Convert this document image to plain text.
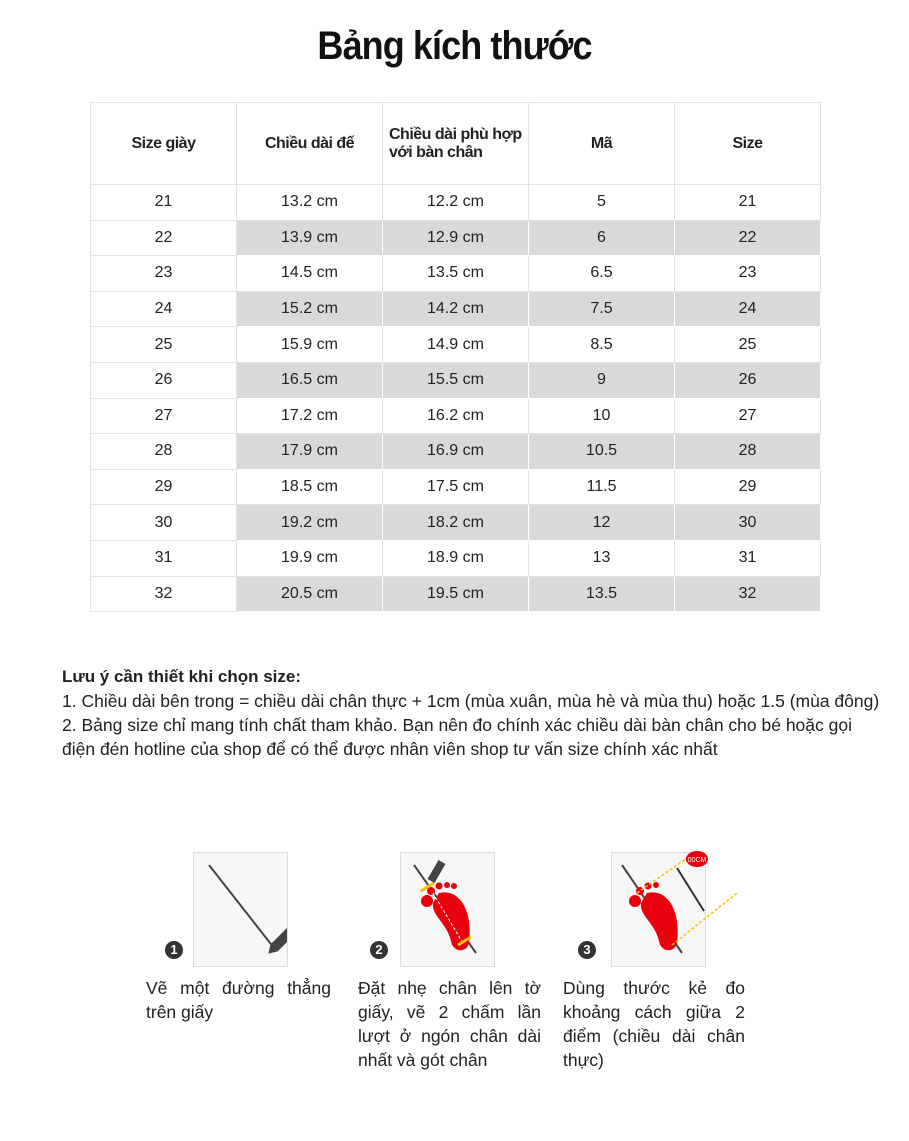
Bảng kích thước
Size giày	Chiều dài đế	Chiều dài phù hợp với bàn chân	Mã	Size
21	13.2 cm	12.2 cm	5	21
22	13.9 cm	12.9 cm	6	22
23	14.5 cm	13.5 cm	6.5	23
24	15.2 cm	14.2 cm	7.5	24
25	15.9 cm	14.9 cm	8.5	25
26	16.5 cm	15.5 cm	9	26
27	17.2 cm	16.2 cm	10	27
28	17.9 cm	16.9 cm	10.5	28
29	18.5 cm	17.5 cm	11.5	29
30	19.2 cm	18.2 cm	12	30
31	19.9 cm	18.9 cm	13	31
32	20.5 cm	19.5 cm	13.5	32
Lưu ý cần thiết khi chọn size:
1. Chiều dài bên trong = chiều dài chân thực + 1cm (mùa xuân, mùa hè và mùa thu) hoặc 1.5 (mùa đông)
2. Bảng size chỉ mang tính chất tham khảo. Bạn nên đo chính xác chiều dài bàn chân cho bé hoặc gọi điện đén hotline của shop để có thể được nhân viên shop tư vấn size chính xác nhất
1
Vẽ một đường thẳng trên giấy
2
Đặt nhẹ chân lên tờ giấy, vẽ 2 chấm lần lượt ở ngón chân dài nhất và gót chân
00CM
3
Dùng thước kẻ đo khoảng cách giữa 2 điểm (chiều dài chân thực)
